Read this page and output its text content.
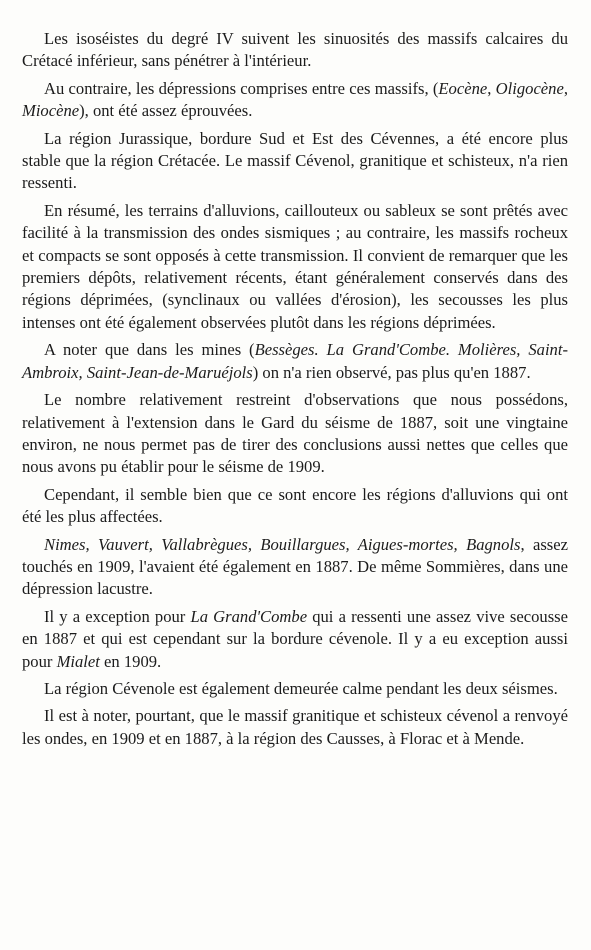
Les isoséistes du degré IV suivent les sinuosités des massifs calcaires du Crétacé inférieur, sans pénétrer à l'intérieur.

Au contraire, les dépressions comprises entre ces massifs, (Eocène, Oligocène, Miocène), ont été assez éprouvées.

La région Jurassique, bordure Sud et Est des Cévennes, a été encore plus stable que la région Crétacée. Le massif Cévenol, granitique et schisteux, n'a rien ressenti.

En résumé, les terrains d'alluvions, caillouteux ou sableux se sont prêtés avec facilité à la transmission des ondes sismiques ; au contraire, les massifs rocheux et compacts se sont opposés à cette transmission. Il convient de remarquer que les premiers dépôts, relativement récents, étant généralement conservés dans des régions déprimées, (synclinaux ou vallées d'érosion), les secousses les plus intenses ont été également observées plutôt dans les régions déprimées.

A noter que dans les mines (Bessèges. La Grand'Combe. Molières, Saint-Ambroix, Saint-Jean-de-Maruéjols) on n'a rien observé, pas plus qu'en 1887.

Le nombre relativement restreint d'observations que nous possédons, relativement à l'extension dans le Gard du séisme de 1887, soit une vingtaine environ, ne nous permet pas de tirer des conclusions aussi nettes que celles que nous avons pu établir pour le séisme de 1909.

Cependant, il semble bien que ce sont encore les régions d'alluvions qui ont été les plus affectées.

Nimes, Vauvert, Vallabrègues, Bouillargues, Aigues-mortes, Bagnols, assez touchés en 1909, l'avaient été également en 1887. De même Sommières, dans une dépression lacustre.

Il y a exception pour La Grand'Combe qui a ressenti une assez vive secousse en 1887 et qui est cependant sur la bordure cévenole. Il y a eu exception aussi pour Mialet en 1909.

La région Cévenole est également demeurée calme pendant les deux séismes.

Il est à noter, pourtant, que le massif granitique et schisteux cévenol a renvoyé les ondes, en 1909 et en 1887, à la région des Causses, à Florac et à Mende.
